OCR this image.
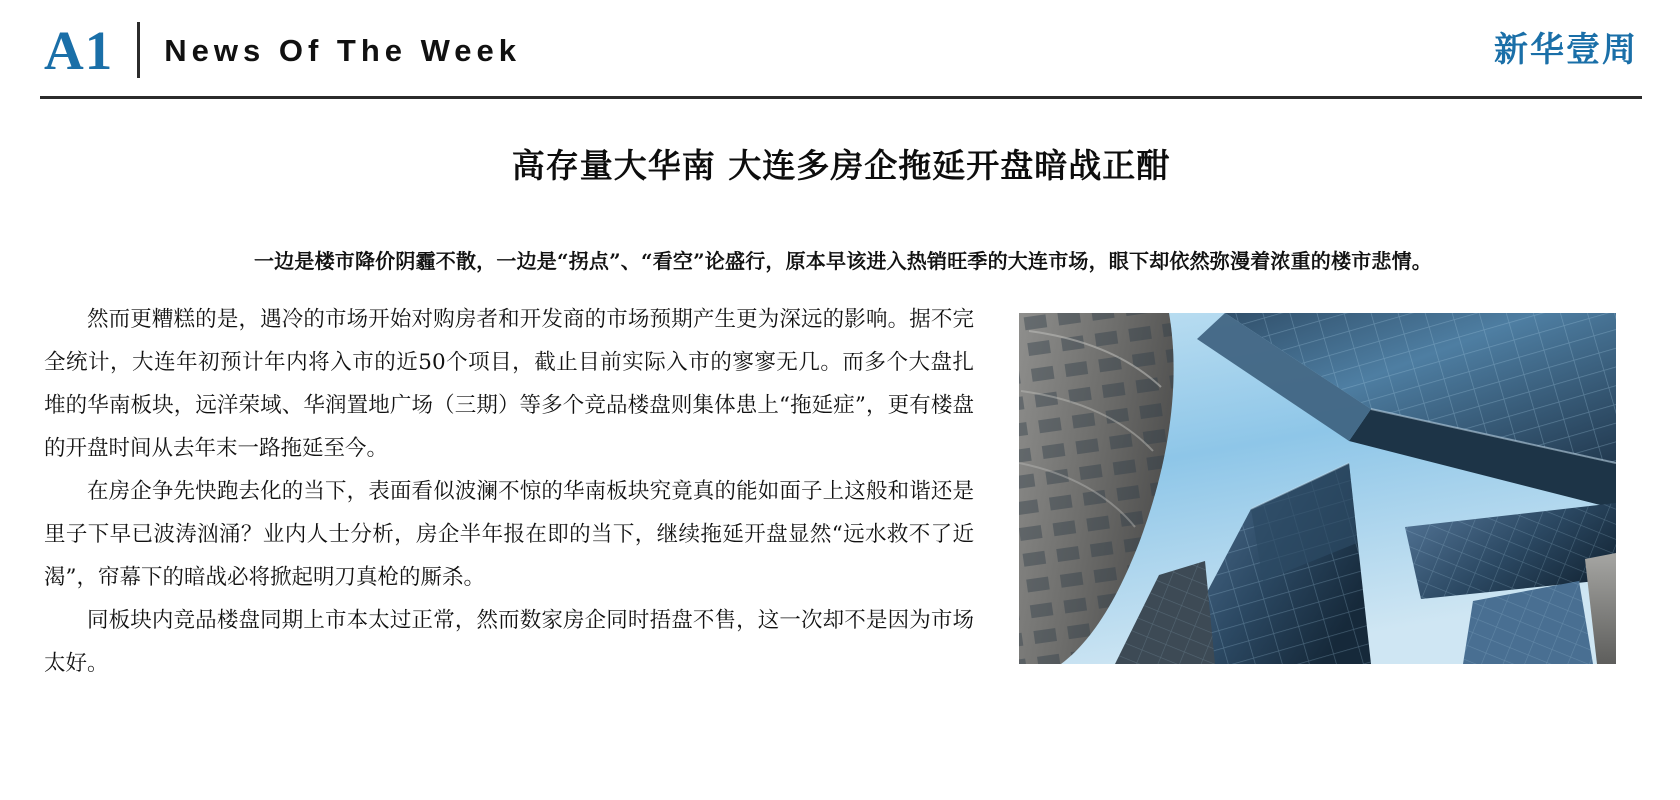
A1	News Of The Week	新华壹周
高存量大华南 大连多房企拖延开盘暗战正酣
一边是楼市降价阴霾不散，一边是“拐点”、“看空”论盛行，原本早该进入热销旺季的大连市场，眼下却依然弥漫着浓重的楼市悲情。

然而更糟糕的是，遇冷的市场开始对购房者和开发商的市场预期产生更为深远的影响。据不完全统计，大连年初预计年内将入市的近50个项目，截止目前实际入市的寥寥无几。而多个大盘扎堆的华南板块，远洋荣域、华润置地广场（三期）等多个竞品楼盘则集体患上“拖延症”，更有楼盘的开盘时间从去年末一路拖延至今。

在房企争先快跑去化的当下，表面看似波澜不惊的华南板块究竟真的能如面子上这般和谐还是里子下早已波涛汹涌？业内人士分析，房企半年报在即的当下，继续拖延开盘显然“远水救不了近渴”，帘幕下的暗战必将掀起明刀真枪的厮杀。

同板块内竞品楼盘同期上市本太过正常，然而数家房企同时捂盘不售，这一次却不是因为市场太好。
